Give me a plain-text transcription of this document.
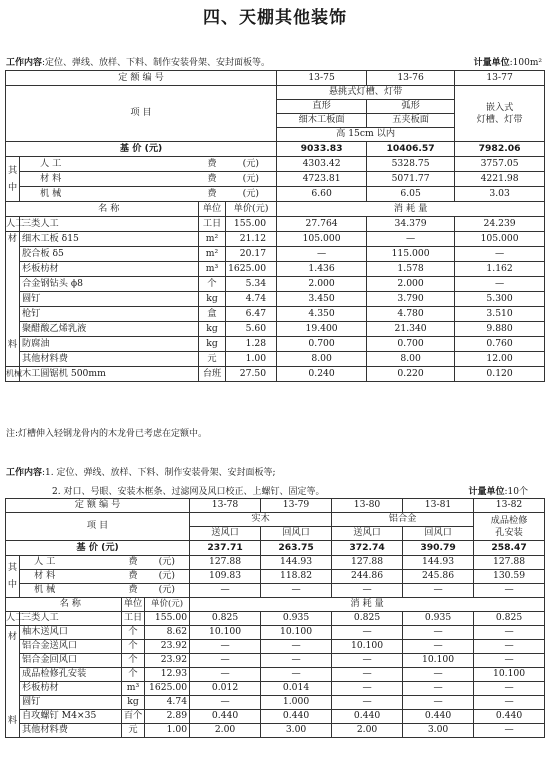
四、天棚其他装饰
工作内容:定位、弹线、放样、下料、制作安装骨架、安封面板等。	计量单位:100m²
定 额 编 号				13-75	13-76	13-77
项 目				悬挑式灯槽、灯带		嵌入式
灯槽、灯带
				直形	弧形	
				细木工板面	五夹板面	
				高 15cm 以内		
基 价 (元)				9033.83	10406.57	7982.06
其
中	人 工	费	(元)	4303.42	5328.75	3757.05
	材 料	费	(元)	4723.81	5071.77	4221.98
	机 械	费	(元)	6.60	6.05	3.03
	名 称	单位	单价(元)	消 耗 量		
人工	三类人工	工日	155.00	27.764	34.379	24.239

材
料	细木工板 δ15	m²	21.12	105.000	—	105.000
	胶合板 δ5	m²	20.17	—	115.000	—
	杉板枋材	m³	1625.00	1.436	1.578	1.162
	合金钢钻头 ϕ8	个	5.34	2.000	2.000	—
	圆钉	kg	4.74	3.450	3.790	5.300
	枪钉	盒	6.47	4.350	4.780	3.510
	聚醋酸乙烯乳液	kg	5.60	19.400	21.340	9.880
	防腐油	kg	1.28	0.700	0.700	0.760
	其他材料费	元	1.00	8.00	8.00	12.00
机械	木工圆锯机 500mm	台班	27.50	0.240	0.220	0.120
注:灯槽伸入轻钢龙骨内的木龙骨已考虑在定额中。
工作内容:1. 定位、弹线、放样、下料、制作安装骨架、安封面板等;
2. 对口、号眼、安装木框条、过滤网及风口校正、上螺钉、固定等。	计量单位:10个
定 额 编 号				13-78	13-79	13-80	13-81	13-82
项 目				实木		铝合金		成品检修
孔安装
				送风口	回风口	送风口	回风口	
基 价 (元)				237.71	263.75	372.74	390.79	258.47

其
中	人 工	费	(元)	127.88	144.93	127.88	144.93	127.88
	材 料	费	(元)	109.83	118.82	244.86	245.86	130.59
	机 械	费	(元)	—	—	—	—	—
	名 称	单位	单价(元)	消 耗 量				
人工	三类人工	工日	155.00	0.825	0.935	0.825	0.935	0.825

材
料	柚木送风口	个	8.62	10.100	10.100	—	—	—
	铝合金送风口	个	23.92	—	—	10.100	—	—
	铝合金回风口	个	23.92	—	—	—	10.100	—
	成品检修孔安装	个	12.93	—	—	—	—	10.100
	杉板枋材	m³	1625.00	0.012	0.014	—	—	—
	圆钉	kg	4.74	—	1.000	—	—	—
	自攻螺钉 M4×35	百个	2.89	0.440	0.440	0.440	0.440	0.440
	其他材料费	元	1.00	2.00	3.00	2.00	3.00	—
